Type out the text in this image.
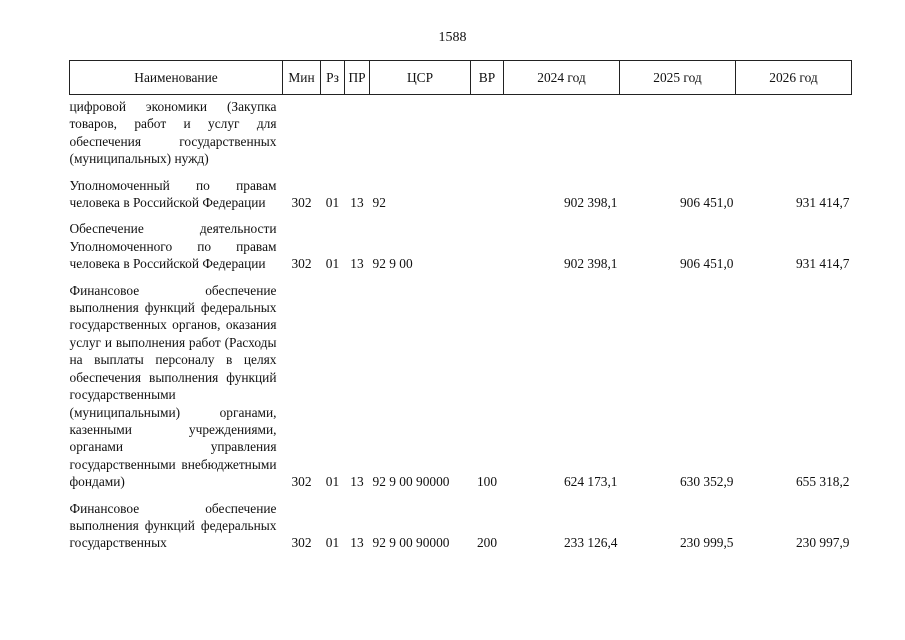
1588
Наименование	Мин	Рз	ПР	ЦСР	ВР	2024 год	2025 год	2026 год
цифровой экономики (Закупка товаров, работ и услуг для обеспечения государственных (муниципальных) нужд)								
Уполномоченный по правам человека в Российской Федерации	302	01	13	92		902 398,1	906 451,0	931 414,7
Обеспечение деятельности Уполномоченного по правам человека в Российской Федерации	302	01	13	92 9 00		902 398,1	906 451,0	931 414,7
Финансовое обеспечение выполнения функций федеральных государственных органов, оказания услуг и выполнения работ (Расходы на выплаты персоналу в целях обеспечения выполнения функций государственными (муниципальными) органами, казенными учреждениями, органами управления государственными внебюджетными фондами)	302	01	13	92 9 00 90000	100	624 173,1	630 352,9	655 318,2
Финансовое обеспечение выполнения функций федеральных государственных	302	01	13	92 9 00 90000	200	233 126,4	230 999,5	230 997,9
